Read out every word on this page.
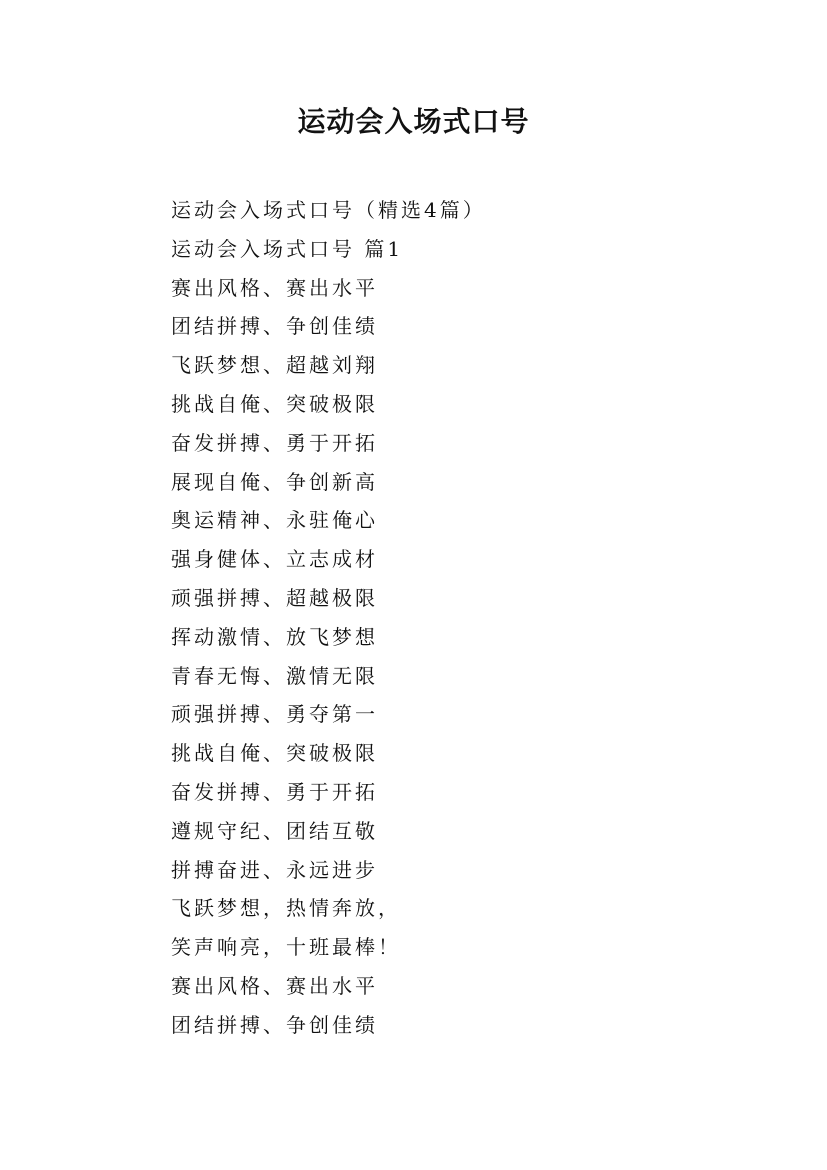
运动会入场式口号
运动会入场式口号（精选4篇）
运动会入场式口号 篇1
赛出风格、赛出水平
团结拼搏、争创佳绩
飞跃梦想、超越刘翔
挑战自俺、突破极限
奋发拼搏、勇于开拓
展现自俺、争创新高
奥运精神、永驻俺心
强身健体、立志成材
顽强拼搏、超越极限
挥动激情、放飞梦想
青春无悔、激情无限
顽强拼搏、勇夺第一
挑战自俺、突破极限
奋发拼搏、勇于开拓
遵规守纪、团结互敬
拼搏奋进、永远进步
飞跃梦想，热情奔放，
笑声响亮，十班最棒！
赛出风格、赛出水平
团结拼搏、争创佳绩
